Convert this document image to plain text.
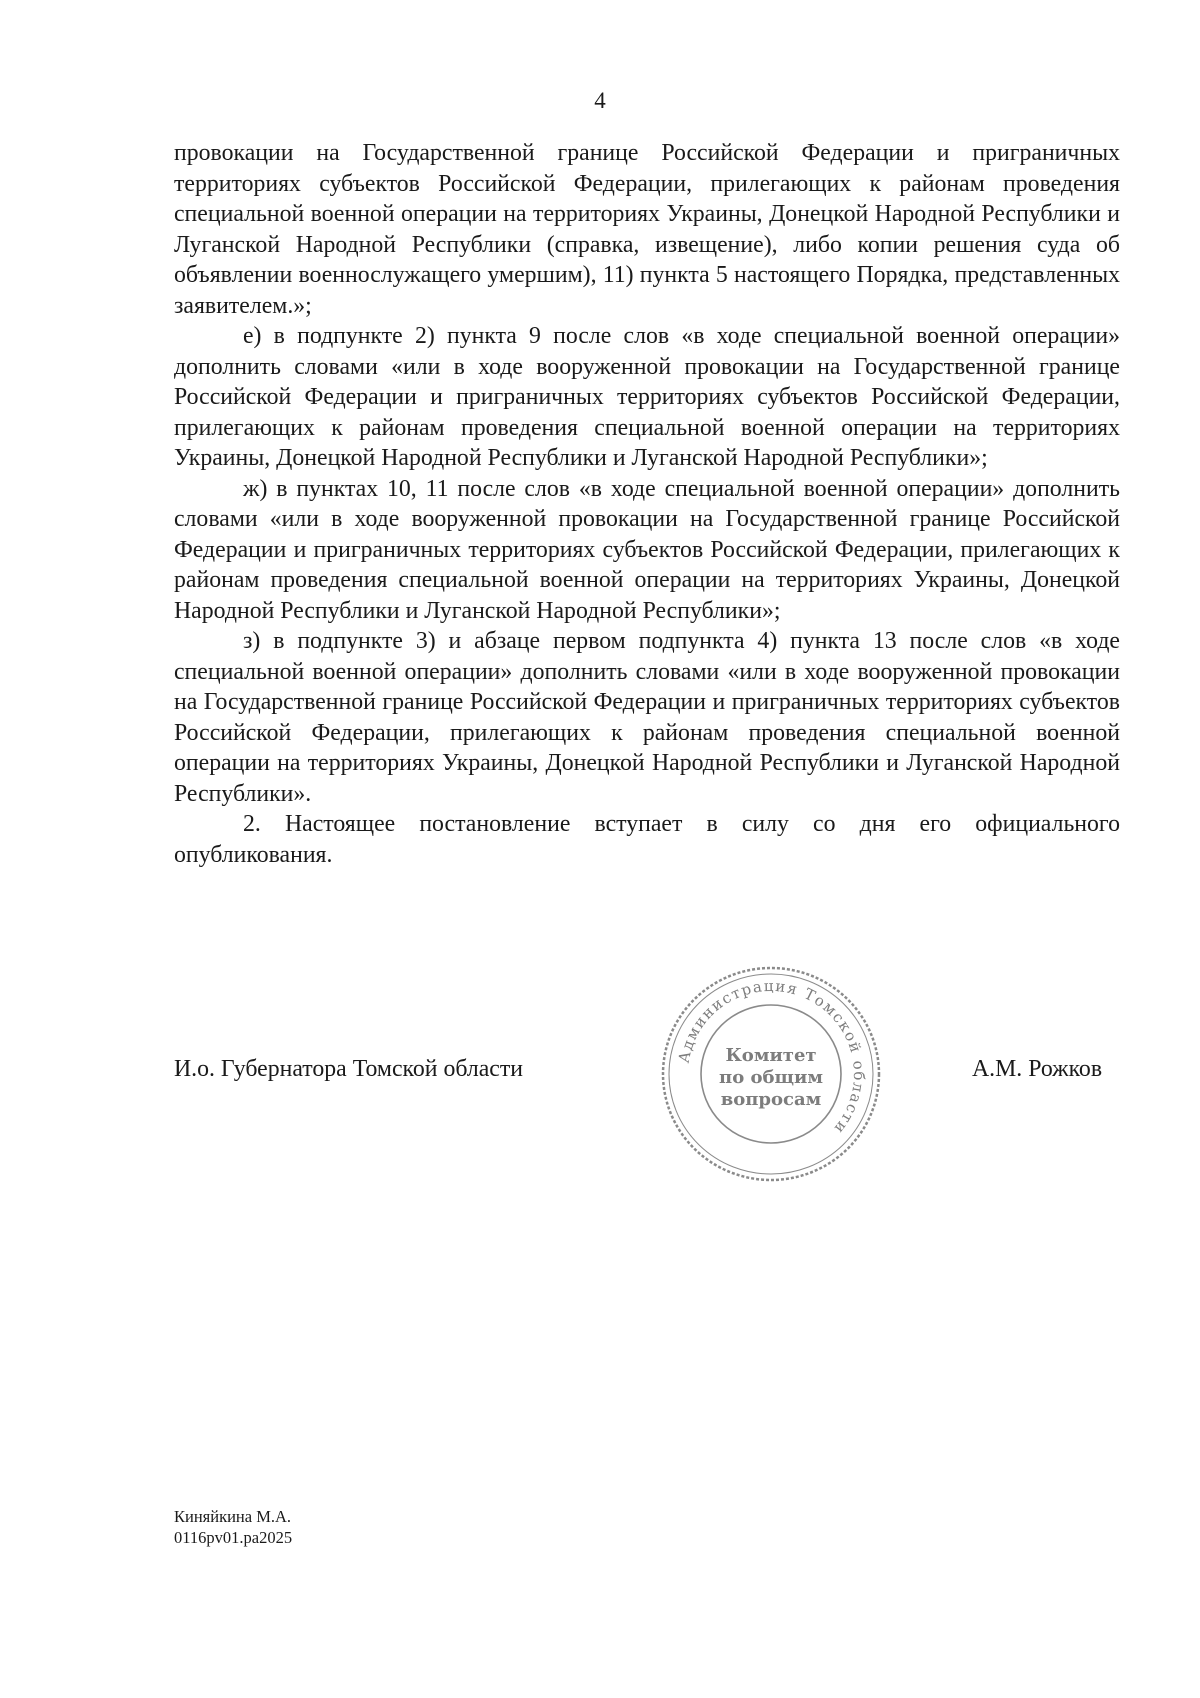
4

провокации на Государственной границе Российской Федерации и приграничных территориях субъектов Российской Федерации, прилегающих к районам проведения специальной военной операции на территориях Украины, Донецкой Народной Республики и Луганской Народной Республики (справка, извещение), либо копии решения суда об объявлении военнослужащего умершим), 11) пункта 5 настоящего Порядка, представленных заявителем.»;

е) в подпункте 2) пункта 9 после слов «в ходе специальной военной операции» дополнить словами «или в ходе вооруженной провокации на Государственной границе Российской Федерации и приграничных территориях субъектов Российской Федерации, прилегающих к районам проведения специальной военной операции на территориях Украины, Донецкой Народной Республики и Луганской Народной Республики»;

ж) в пунктах 10, 11 после слов «в ходе специальной военной операции» дополнить словами «или в ходе вооруженной провокации на Государственной границе Российской Федерации и приграничных территориях субъектов Российской Федерации, прилегающих к районам проведения специальной военной операции на территориях Украины, Донецкой Народной Республики и Луганской Народной Республики»;

з) в подпункте 3) и абзаце первом подпункта 4) пункта 13 после слов «в ходе специальной военной операции» дополнить словами «или в ходе вооруженной провокации на Государственной границе Российской Федерации и приграничных территориях субъектов Российской Федерации, прилегающих к районам проведения специальной военной операции на территориях Украины, Донецкой Народной Республики и Луганской Народной Республики».

2. Настоящее постановление вступает в силу со дня его официального опубликования.

И.о. Губернатора Томской области	А.М. Рожков
Администрация Томской области
Комитет
по общим
вопросам
Киняйкина М.А.
0116pv01.pa2025
